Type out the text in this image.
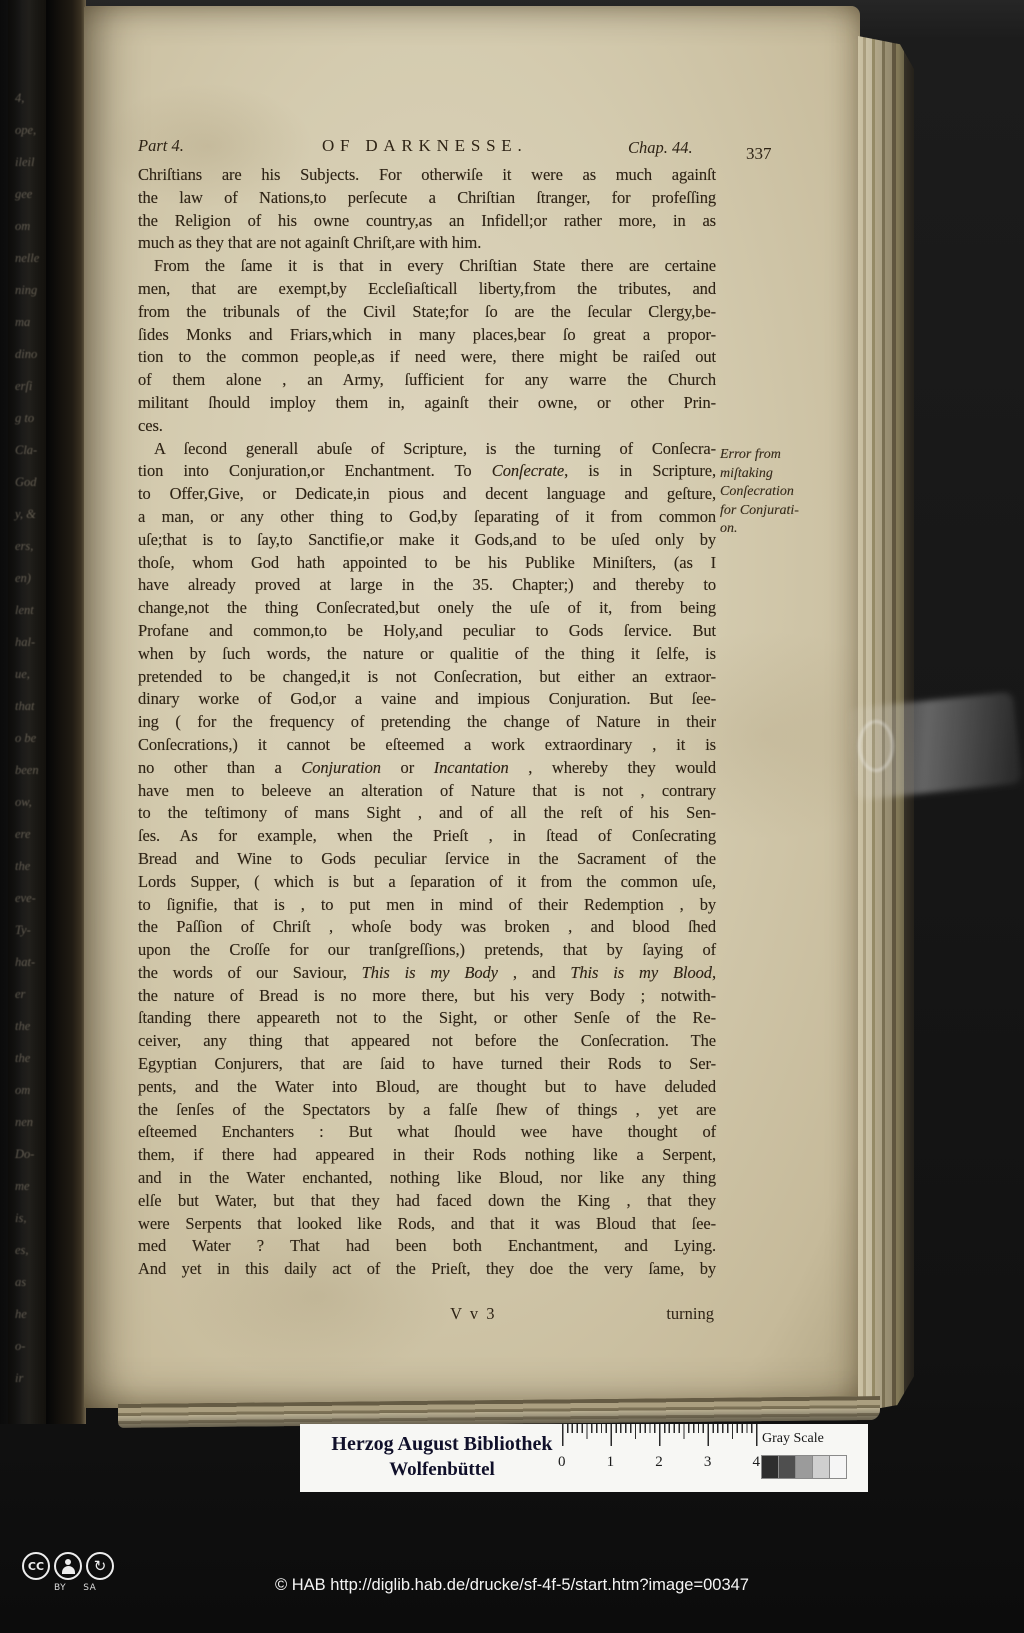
4,
ope,
ileil
gee
om
nelle
ning
ma
dino
erſi
g to
Cla-
God
y, &
ers,
en)
lent
hal-
ue,
that
o be
been
ow,
ere
the
eve-
Ty-
hat-
er
the
the
om
nen
Do-
me
is,
es,
as
he
o-
ir
Part 4.	OF DARKNESSE.	Chap. 44.	337
Chriſtians are his Subjects. For otherwiſe it were as much againſt
the law of Nations,to perſecute a Chriſtian ſtranger, for profeſſing
the Religion of his owne country,as an Infidell;or rather more, in as
much as they that are not againſt Chriſt,are with him.
From the ſame it is that in every Chriſtian State there are certaine
men, that are exempt,by Eccleſiaſticall liberty,from the tributes, and
from the tribunals of the Civil State;for ſo are the ſecular Clergy,be-
ſides Monks and Friars,which in many places,bear ſo great a propor-
tion to the common people,as if need were, there might be raiſed out
of them alone , an Army, ſufficient for any warre the Church
militant ſhould imploy them in, againſt their owne, or other Prin-
ces.
A ſecond generall abuſe of Scripture, is the turning of Conſecra-
tion into Conjuration,or Enchantment. To Conſecrate, is in Scripture,
to Offer,Give, or Dedicate,in pious and decent language and geſture,
a man, or any other thing to God,by ſeparating of it from common
uſe;that is to ſay,to Sanctifie,or make it Gods,and to be uſed only by
thoſe, whom God hath appointed to be his Publike Miniſters, (as I
have already proved at large in the 35. Chapter;) and thereby to
change,not the thing Conſecrated,but onely the uſe of it, from being
Profane and common,to be Holy,and peculiar to Gods ſervice. But
when by ſuch words, the nature or qualitie of the thing it ſelfe, is
pretended to be changed,it is not Conſecration, but either an extraor-
dinary worke of God,or a vaine and impious Conjuration. But ſee-
ing ( for the frequency of pretending the change of Nature in their
Conſecrations,) it cannot be eſteemed a work extraordinary , it is
no other than a Conjuration or Incantation , whereby they would
have men to beleeve an alteration of Nature that is not , contrary
to the teſtimony of mans Sight , and of all the reſt of his Sen-
ſes. As for example, when the Prieſt , in ſtead of Conſecrating
Bread and Wine to Gods peculiar ſervice in the Sacrament of the
Lords Supper, ( which is but a ſeparation of it from the common uſe,
to ſignifie, that is , to put men in mind of their Redemption , by
the Paſſion of Chriſt , whoſe body was broken , and blood ſhed
upon the Croſſe for our tranſgreſſions,) pretends, that by ſaying of
the words of our Saviour, This is my Body , and This is my Blood,
the nature of Bread is no more there, but his very Body ; notwith-
ſtanding there appeareth not to the Sight, or other Senſe of the Re-
ceiver, any thing that appeared not before the Conſecration. The
Egyptian Conjurers, that are ſaid to have turned their Rods to Ser-
pents, and the Water into Bloud, are thought but to have deluded
the ſenſes of the Spectators by a falſe ſhew of things , yet are
eſteemed Enchanters : But what ſhould wee have thought of
them, if there had appeared in their Rods nothing like a Serpent,
and in the Water enchanted, nothing like Bloud, nor like any thing
elſe but Water, but that they had faced down the King , that they
were Serpents that looked like Rods, and that it was Bloud that ſee-
med Water ? That had been both Enchantment, and Lying.
And yet in this daily act of the Prieſt, they doe the very ſame, by
Error from
miſtaking
Conſecration
for Conjurati-
on.
V v 3	turning
Herzog August Bibliothek
Wolfenbüttel	0	1	2	3	4
Gray Scale
CC	↻
BY SA	© HAB http://diglib.hab.de/drucke/sf-4f-5/start.htm?image=00347
